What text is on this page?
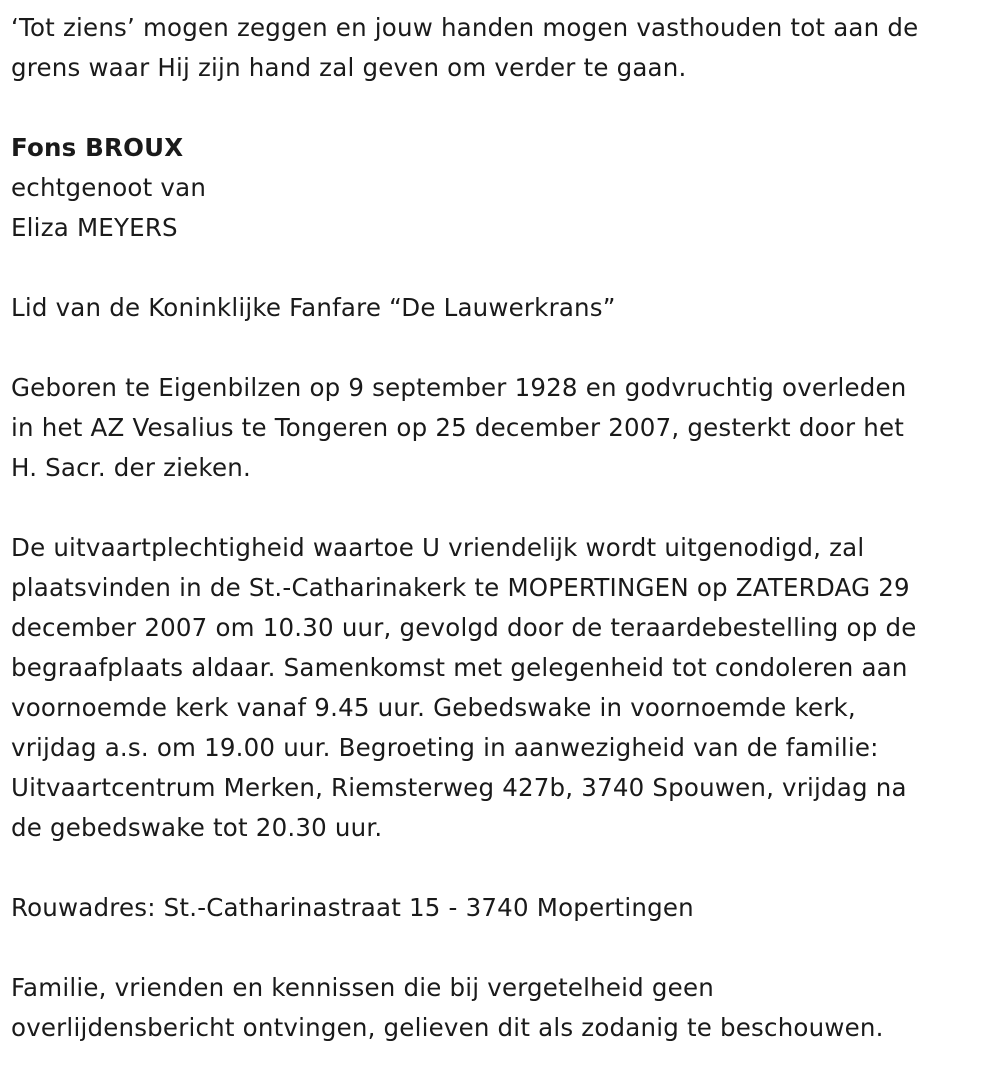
‘Tot ziens’ mogen zeggen en jouw handen mogen vasthouden tot aan de
grens waar Hij zijn hand zal geven om verder te gaan.

Fons BROUX

echtgenoot van

Eliza MEYERS

Lid van de Koninklijke Fanfare “De Lauwerkrans”

Geboren te Eigenbilzen op 9 september 1928 en godvruchtig overleden
in het AZ Vesalius te Tongeren op 25 december 2007, gesterkt door het
H. Sacr. der zieken.

De uitvaartplechtigheid waartoe U vriendelijk wordt uitgenodigd, zal
plaatsvinden in de St.-Catharinakerk te MOPERTINGEN op ZATERDAG 29
december 2007 om 10.30 uur, gevolgd door de teraardebestelling op de
begraafplaats aldaar. Samenkomst met gelegenheid tot condoleren aan
voornoemde kerk vanaf 9.45 uur. Gebedswake in voornoemde kerk,
vrijdag a.s. om 19.00 uur. Begroeting in aanwezigheid van de familie:
Uitvaartcentrum Merken, Riemsterweg 427b, 3740 Spouwen, vrijdag na
de gebedswake tot 20.30 uur.

Rouwadres: St.-Catharinastraat 15 - 3740 Mopertingen

Familie, vrienden en kennissen die bij vergetelheid geen
overlijdensbericht ontvingen, gelieven dit als zodanig te beschouwen.
